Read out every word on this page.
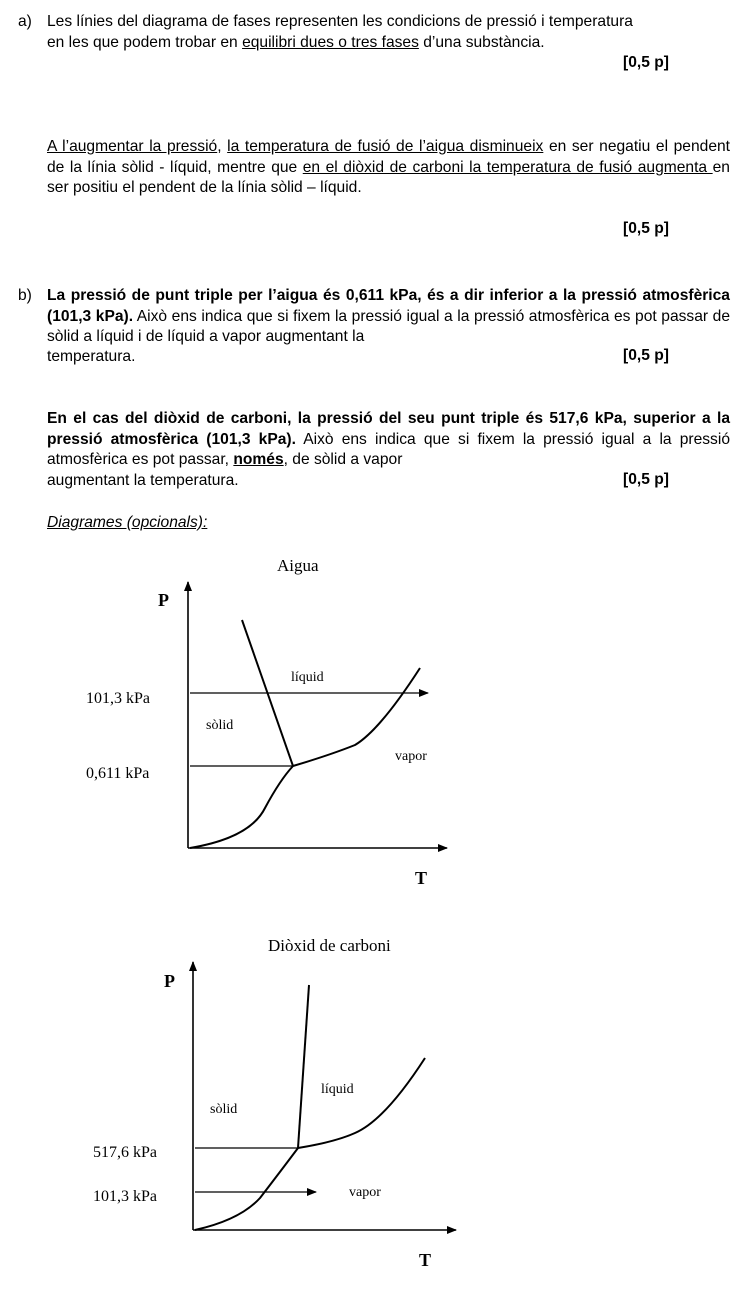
a) Les línies del diagrama de fases representen les condicions de pressió i temperatura
en les que podem trobar en equilibri dues o tres fases d’una substància.
[0,5 p]
A l’augmentar la pressió, la temperatura de fusió de l’aigua disminueix en ser negatiu el pendent de la línia sòlid - líquid, mentre que en el diòxid de carboni la temperatura de fusió augmenta en ser positiu el pendent de la línia sòlid – líquid.
[0,5 p]
b) La pressió de punt triple per l’aigua és 0,611 kPa, és a dir inferior a la pressió atmosfèrica (101,3 kPa). Això ens indica que si fixem la pressió igual a la pressió atmosfèrica es pot passar de sòlid a líquid i de líquid a vapor augmentant la
temperatura.	[0,5 p]
En el cas del diòxid de carboni, la pressió del seu punt triple és 517,6 kPa, superior a la pressió atmosfèrica (101,3 kPa). Això ens indica que si fixem la pressió igual a la pressió atmosfèrica es pot passar, només, de sòlid a vapor
augmentant la temperatura.	[0,5 p]
Diagrames (opcionals):
Aigua
P
T
101,3 kPa
0,611 kPa
sòlid
líquid
vapor
Diòxid de carboni
P
T
517,6 kPa
101,3 kPa
sòlid
líquid
vapor
